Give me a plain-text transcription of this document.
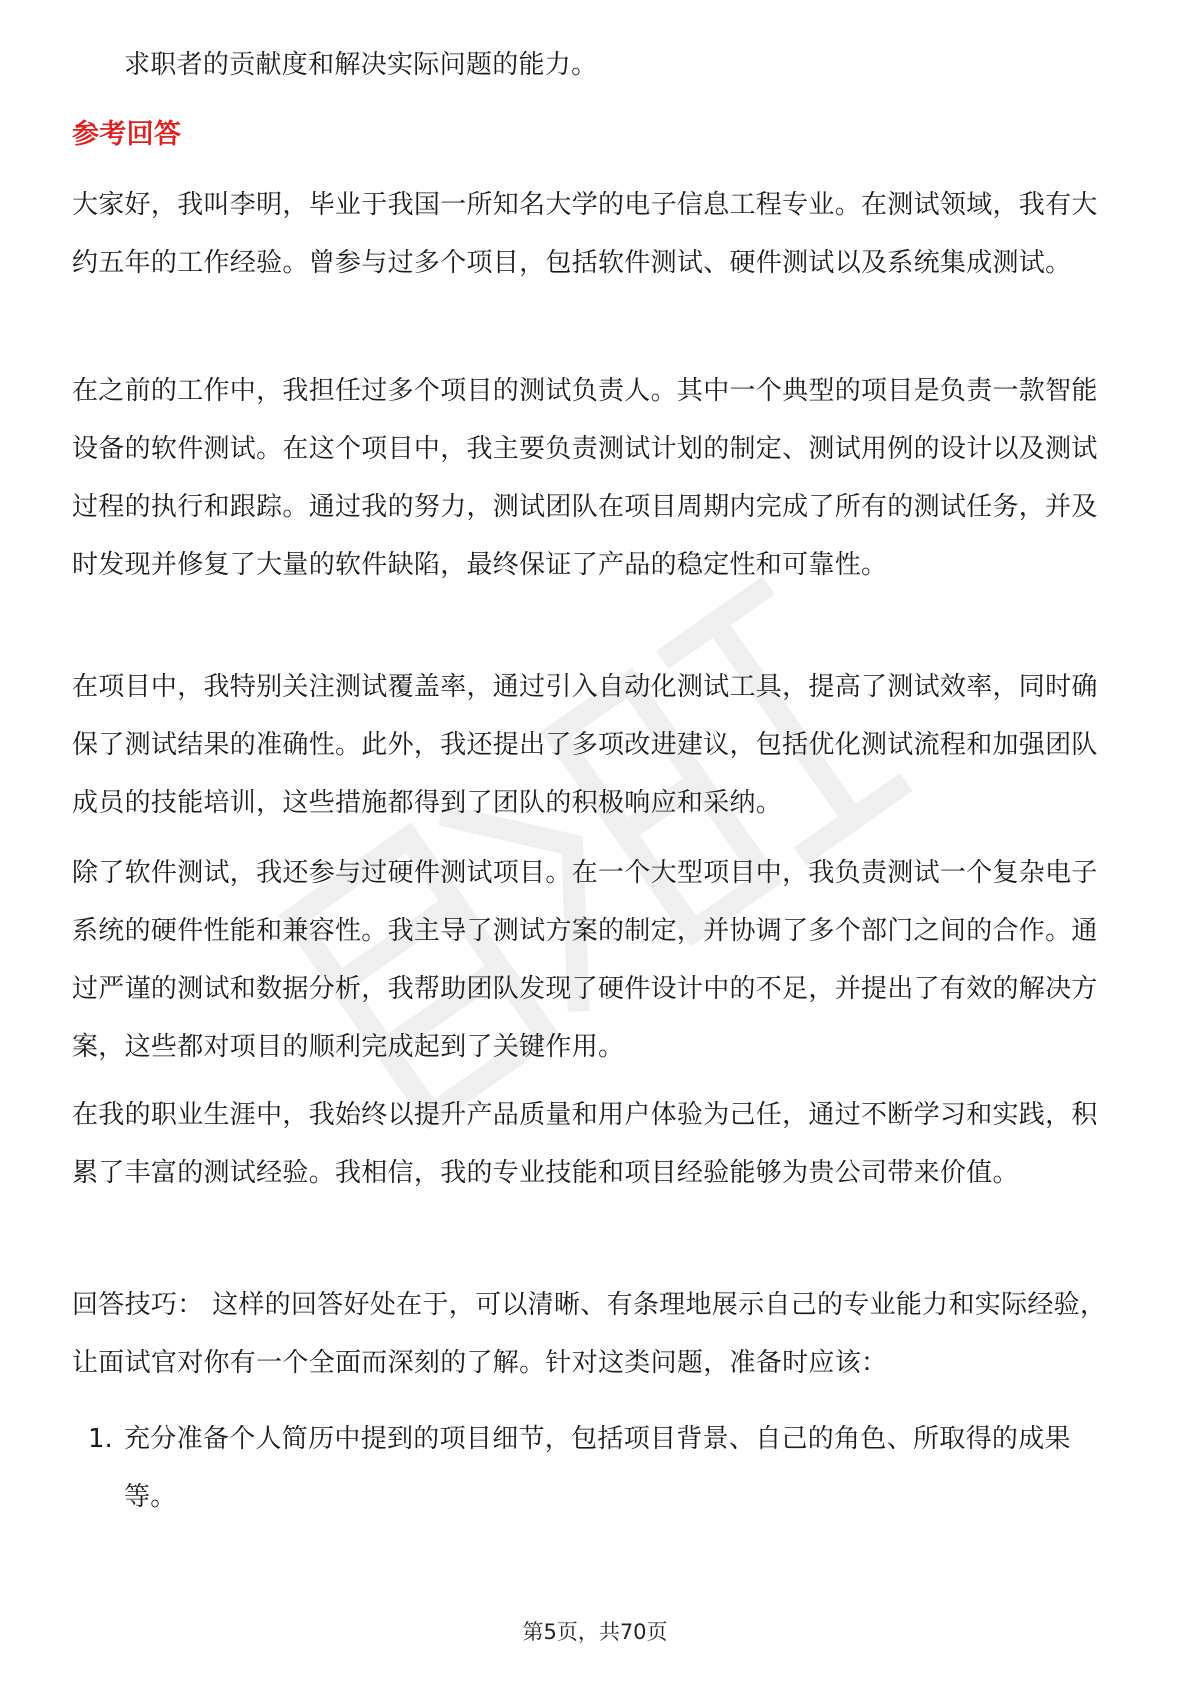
求职者的贡献度和解决实际问题的能力。
参考回答
大家好，我叫李明，毕业于我国一所知名大学的电子信息工程专业。在测试领域，我有大约五年的工作经验。曾参与过多个项目，包括软件测试、硬件测试以及系统集成测试。
在之前的工作中，我担任过多个项目的测试负责人。其中一个典型的项目是负责一款智能设备的软件测试。在这个项目中，我主要负责测试计划的制定、测试用例的设计以及测试过程的执行和跟踪。通过我的努力，测试团队在项目周期内完成了所有的测试任务，并及时发现并修复了大量的软件缺陷，最终保证了产品的稳定性和可靠性。
在项目中，我特别关注测试覆盖率，通过引入自动化测试工具，提高了测试效率，同时确保了测试结果的准确性。此外，我还提出了多项改进建议，包括优化测试流程和加强团队成员的技能培训，这些措施都得到了团队的积极响应和采纳。
除了软件测试，我还参与过硬件测试项目。在一个大型项目中，我负责测试一个复杂电子系统的硬件性能和兼容性。我主导了测试方案的制定，并协调了多个部门之间的合作。通过严谨的测试和数据分析，我帮助团队发现了硬件设计中的不足，并提出了有效的解决方案，这些都对项目的顺利完成起到了关键作用。
在我的职业生涯中，我始终以提升产品质量和用户体验为己任，通过不断学习和实践，积累了丰富的测试经验。我相信，我的专业技能和项目经验能够为贵公司带来价值。
回答技巧： 这样的回答好处在于，可以清晰、有条理地展示自己的专业能力和实际经验，让面试官对你有一个全面而深刻的了解。针对这类问题，准备时应该：
1. 充分准备个人简历中提到的项目细节，包括项目背景、自己的角色、所取得的成果等。
第5页，共70页
